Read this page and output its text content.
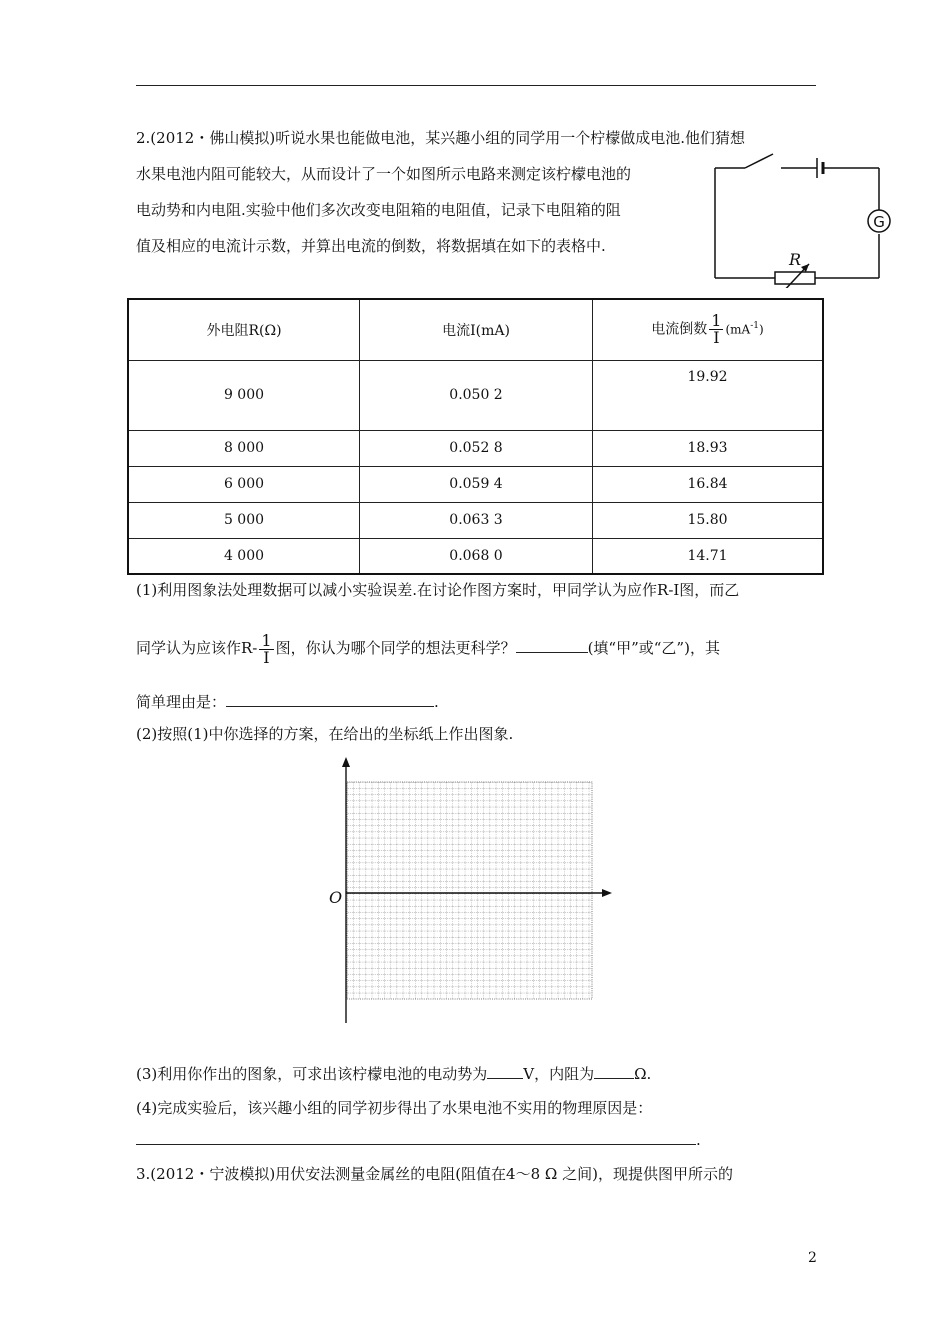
2.(2012・佛山模拟)听说水果也能做电池，某兴趣小组的同学用一个柠檬做成电池.他们猜想
水果电池内阻可能较大，从而设计了一个如图所示电路来测定该柠檬电池的
电动势和内电阻.实验中他们多次改变电阻箱的电阻值，记录下电阻箱的阻
值及相应的电流计示数，并算出电流的倒数，将数据填在如下的表格中.
G
R
外电阻R(Ω)	电流I(mA)	电流倒数 $\frac{1}{I} (mA^{-1})$
9 000	0.050 2	19.92
8 000	0.052 8	18.93
6 000	0.059 4	16.84
5 000	0.063 3	15.80
4 000	0.068 0	14.71
(1)利用图象法处理数据可以减小实验误差.在讨论作图方案时，甲同学认为应作R-I图，而乙
同学认为应该作$R- \frac{1}{I}$ 图，你认为哪个同学的想法更科学？	(填“甲”或“乙”)，其
简单理由是：	.
(2)按照(1)中你选择的方案，在给出的坐标纸上作出图象.
O
(3)利用你作出的图象，可求出该柠檬电池的电动势为 V，内阻为	Ω.
(4)完成实验后，该兴趣小组的同学初步得出了水果电池不实用的物理原因是：
.
3.(2012・宁波模拟)用伏安法测量金属丝的电阻(阻值在4～8 Ω 之间)，现提供图甲所示的
2
